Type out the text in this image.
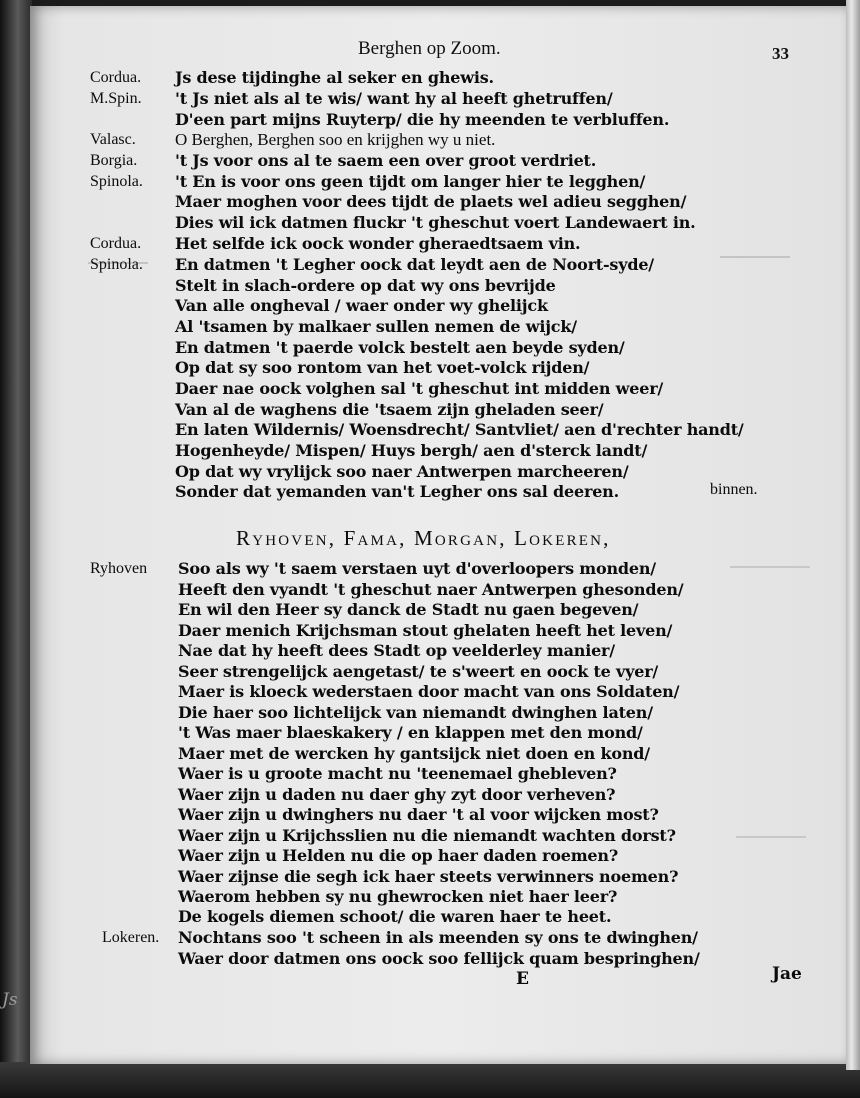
Js
Berghen op Zoom.	33
Cordua. Js dese tijdinghe al seker en ghewis.
M.Spin. 't Js niet als al te wis/ want hy al heeft ghetruffen/
D'een part mijns Ruyterp/ die hy meenden te verbluffen.
Valasc. O Berghen, Berghen soo en krijghen wy u niet.
Borgia. 't Js voor ons al te saem een over groot verdriet.
Spinola. 't En is voor ons geen tijdt om langer hier te legghen/
Maer moghen voor dees tijdt de plaets wel adieu segghen/
Dies wil ick datmen fluckr 't gheschut voert Landewaert in.
Cordua. Het selfde ick oock wonder gheraedtsaem vin.
Spinola. En datmen 't Legher oock dat leydt aen de Noort-syde/
Stelt in slach-ordere op dat wy ons bevrijde
Van alle ongheval / waer onder wy ghelijck
Al 'tsamen by malkaer sullen nemen de wijck/
En datmen 't paerde volck bestelt aen beyde syden/
Op dat sy soo rontom van het voet-volck rijden/
Daer nae oock volghen sal 't gheschut int midden weer/
Van al de waghens die 'tsaem zijn gheladen seer/
En laten Wildernis/ Woensdrecht/ Santvliet/ aen d'rechter handt/
Hogenheyde/ Mispen/ Huys bergh/ aen d'sterck landt/
Op dat wy vrylijck soo naer Antwerpen marcheeren/
Sonder dat yemanden van't Legher ons sal deeren.
Ryhoven Soo als wy 't saem verstaen uyt d'overloopers monden/
Heeft den vyandt 't gheschut naer Antwerpen ghesonden/
En wil den Heer sy danck de Stadt nu gaen begeven/
Daer menich Krijchsman stout ghelaten heeft het leven/
Nae dat hy heeft dees Stadt op veelderley manier/
Seer strengelijck aengetast/ te s'weert en oock te vyer/
Maer is kloeck wederstaen door macht van ons Soldaten/
Die haer soo lichtelijck van niemandt dwinghen laten/
't Was maer blaeskakery / en klappen met den mond/
Maer met de wercken hy gantsijck niet doen en kond/
Waer is u groote macht nu 'teenemael ghebleven?
Waer zijn u daden nu daer ghy zyt door verheven?
Waer zijn u dwinghers nu daer 't al voor wijcken most?
Waer zijn u Krijchsslien nu die niemandt wachten dorst?
Waer zijn u Helden nu die op haer daden roemen?
Waer zijnse die segh ick haer steets verwinners noemen?
Waerom hebben sy nu ghewrocken niet haer leer?
De kogels diemen schoot/ die waren haer te heet.
Lokeren. Nochtans soo 't scheen in als meenden sy ons te dwinghen/
Waer door datmen ons oock soo fellijck quam bespringhen/
Ryhoven, Fama, Morgan, Lokeren,
binnen.
E	Jae
